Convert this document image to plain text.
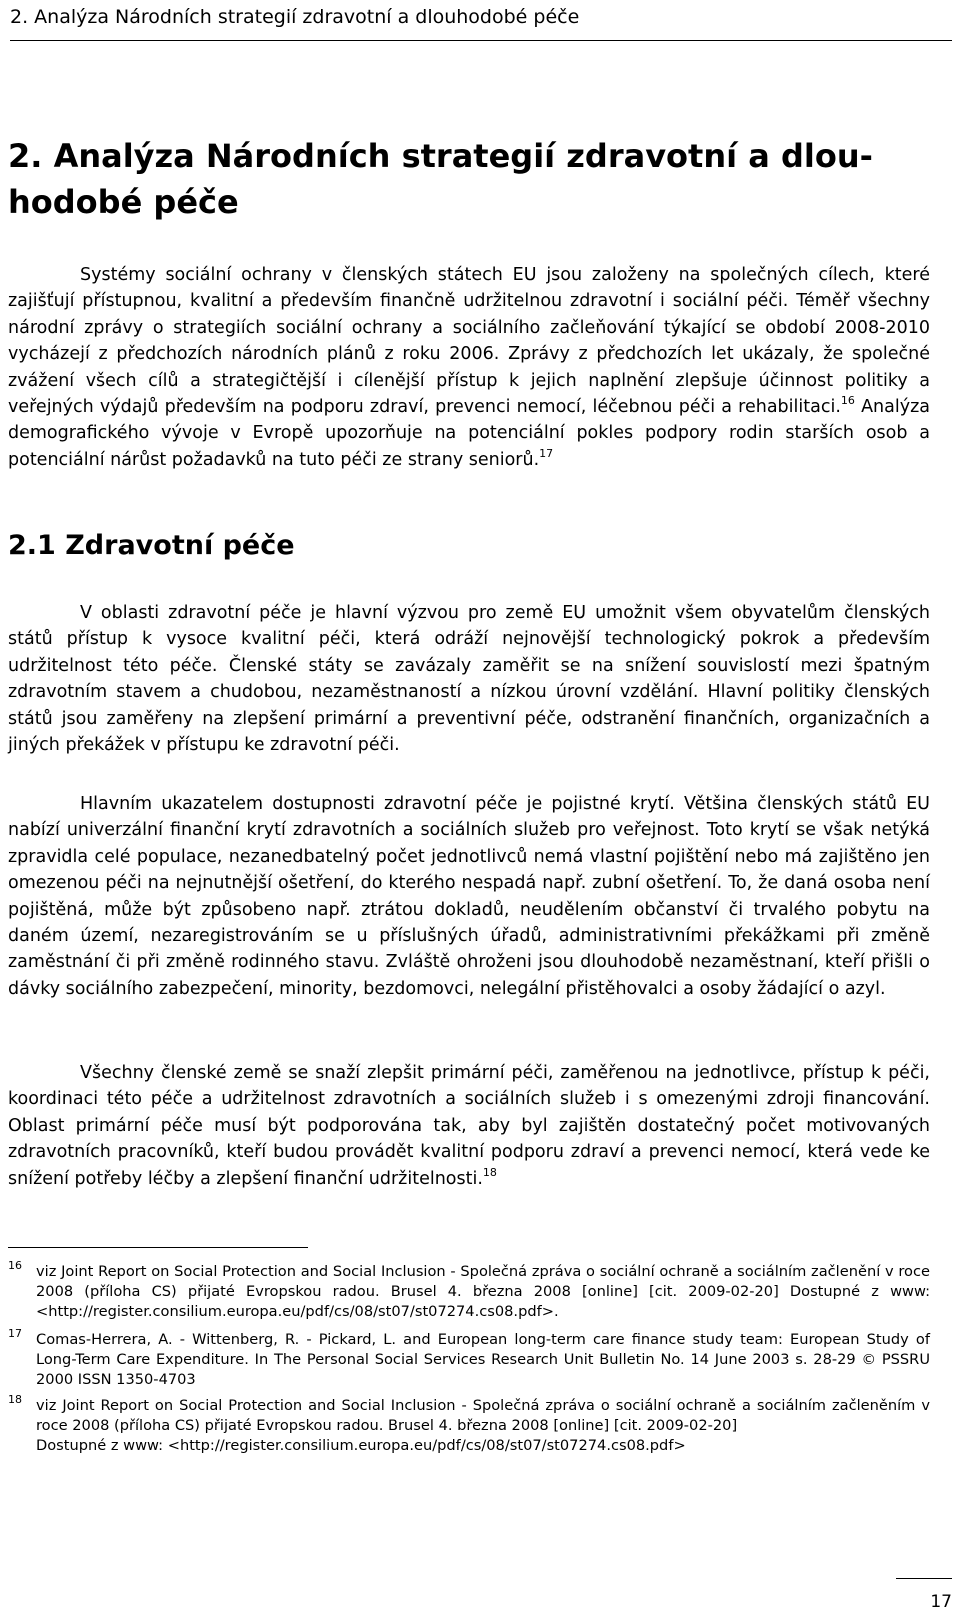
2. Analýza Národních strategií zdravotní a dlouhodobé péče
2. Analýza Národních strategií zdravotní a dlou-
hodobé péče

Systémy sociální ochrany v členských státech EU jsou založeny na společných cílech, které zajišťují přístupnou, kvalitní a především finančně udržitelnou zdravotní i sociální péči. Téměř všechny národní zprávy o strategiích sociální ochrany a sociálního začleňování týkající se období 2008-2010 vycházejí z předchozích národních plánů z roku 2006. Zprávy z předchozích let ukázaly, že společné zvážení všech cílů a strategičtější i cílenější přístup k jejich naplnění zlepšuje účinnost politiky a veřejných výdajů především na podporu zdraví, prevenci nemocí, léčebnou péči a rehabilitaci.$^{16}$ Analýza demografického vývoje v Evropě upozorňuje na potenciální pokles podpory rodin starších osob a potenciální nárůst požadavků na tuto péči ze strany seniorů.$^{17}$

2.1 Zdravotní péče

V oblasti zdravotní péče je hlavní výzvou pro země EU umožnit všem obyvatelům členských států přístup k vysoce kvalitní péči, která odráží nejnovější technologický pokrok a především udržitelnost této péče. Členské státy se zavázaly zaměřit se na snížení souvislostí mezi špatným zdravotním stavem a chudobou, nezaměstnaností a nízkou úrovní vzdělání. Hlavní politiky členských států jsou zaměřeny na zlepšení primární a preventivní péče, odstranění finančních, organizačních a jiných překážek v přístupu ke zdravotní péči.

Hlavním ukazatelem dostupnosti zdravotní péče je pojistné krytí. Většina členských států EU nabízí univerzální finanční krytí zdravotních a sociálních služeb pro veřejnost. Toto krytí se však netýká zpravidla celé populace, nezanedbatelný počet jednotlivců nemá vlastní pojištění nebo má zajištěno jen omezenou péči na nejnutnější ošetření, do kterého nespadá např. zubní ošetření. To, že daná osoba není pojištěná, může být způsobeno např. ztrátou dokladů, neudělením občanství či trvalého pobytu na daném území, nezaregistrováním se u příslušných úřadů, administrativními překážkami při změně zaměstnání či při změně rodinného stavu. Zvláště ohroženi jsou dlouhodobě nezaměstnaní, kteří přišli o dávky sociálního zabezpečení, minority, bezdomovci, nelegální přistěhovalci a osoby žádající o azyl.

Všechny členské země se snaží zlepšit primární péči, zaměřenou na jednotlivce, přístup k péči, koordinaci této péče a udržitelnost zdravotních a sociálních služeb i s omezenými zdroji financování. Oblast primární péče musí být podporována tak, aby byl zajištěn dostatečný počet motivovaných zdravotních pracovníků, kteří budou provádět kvalitní podporu zdraví a prevenci nemocí, která vede ke snížení potřeby léčby a zlepšení finanční udržitelnosti.$^{18}$

16 viz Joint Report on Social Protection and Social Inclusion - Společná zpráva o sociální ochraně a sociálním začlenění v roce 2008 (příloha CS) přijaté Evropskou radou. Brusel 4. března 2008 [online] [cit. 2009-02-20] Dostupné z www: <http://register.consilium.europa.eu/pdf/cs/08/st07/st07274.cs08.pdf>.
17 Comas-Herrera, A. - Wittenberg, R. - Pickard, L. and European long-term care finance study team: European Study of Long-Term Care Expenditure. In The Personal Social Services Research Unit Bulletin No. 14 June 2003 s. 28-29 © PSSRU 2000 ISSN 1350-4703
18 viz Joint Report on Social Protection and Social Inclusion - Společná zpráva o sociální ochraně a sociálním začleněním v roce 2008 (příloha CS) přijaté Evropskou radou. Brusel 4. března 2008 [online] [cit. 2009-02-20]
Dostupné z www: <http://register.consilium.europa.eu/pdf/cs/08/st07/st07274.cs08.pdf>
17
